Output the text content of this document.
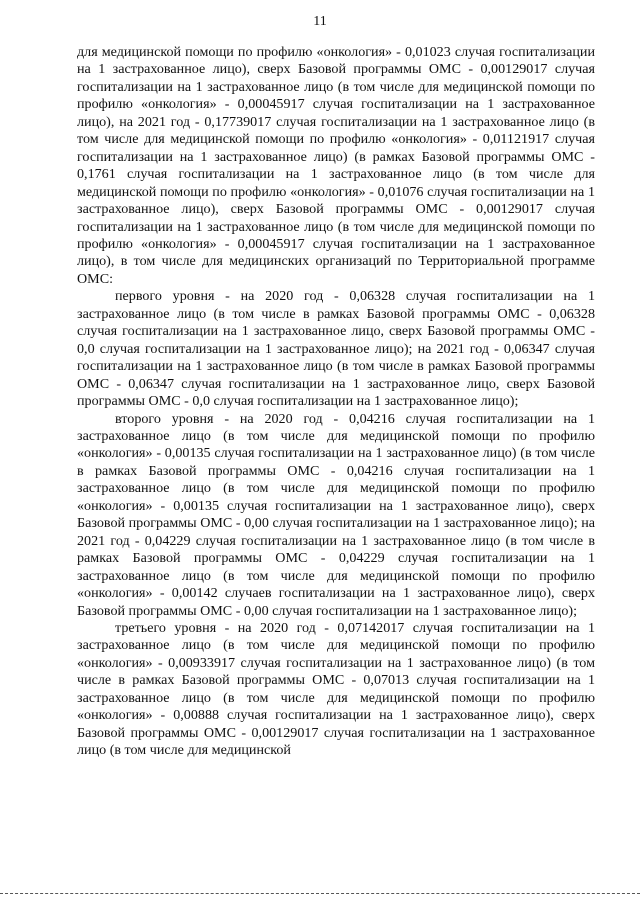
11

для медицинской помощи по профилю «онкология» - 0,01023 случая госпитализации на 1 застрахованное лицо), сверх Базовой программы ОМС - 0,00129017 случая госпитализации на 1 застрахованное лицо (в том числе для медицинской помощи по профилю «онкология» - 0,00045917 случая госпитализации на 1 застрахованное лицо), на 2021 год - 0,17739017 случая госпитализации на 1 застрахованное лицо (в том числе для медицинской помощи по профилю «онкология» - 0,01121917 случая госпитализации на 1 застрахованное лицо) (в рамках Базовой программы ОМС - 0,1761 случая госпитализации на 1 застрахованное лицо (в том числе для медицинской помощи по профилю «онкология» - 0,01076 случая госпитализации на 1 застрахованное лицо), сверх Базовой программы ОМС - 0,00129017 случая госпитализации на 1 застрахованное лицо (в том числе для медицинской помощи по профилю «онкология» - 0,00045917 случая госпитализации на 1 застрахованное лицо), в том числе для медицинских организаций по Территориальной программе ОМС:

первого уровня - на 2020 год - 0,06328 случая госпитализации на 1 застрахованное лицо (в том числе в рамках Базовой программы ОМС - 0,06328 случая госпитализации на 1 застрахованное лицо, сверх Базовой программы ОМС - 0,0 случая госпитализации на 1 застрахованное лицо); на 2021 год - 0,06347 случая госпитализации на 1 застрахованное лицо (в том числе в рамках Базовой программы ОМС - 0,06347 случая госпитализации на 1 застрахованное лицо, сверх Базовой программы ОМС - 0,0 случая госпитализации на 1 застрахованное лицо);

второго уровня - на 2020 год - 0,04216 случая госпитализации на 1 застрахованное лицо (в том числе для медицинской помощи по профилю «онкология» - 0,00135 случая госпитализации на 1 застрахованное лицо) (в том числе в рамках Базовой программы ОМС - 0,04216 случая госпитализации на 1 застрахованное лицо (в том числе для медицинской помощи по профилю «онкология» - 0,00135 случая госпитализации на 1 застрахованное лицо), сверх Базовой программы ОМС - 0,00 случая госпитализации на 1 застрахованное лицо); на 2021 год - 0,04229 случая госпитализации на 1 застрахованное лицо (в том числе в рамках Базовой программы ОМС - 0,04229 случая госпитализации на 1 застрахованное лицо (в том числе для медицинской помощи по профилю «онкология» - 0,00142 случаев госпитализации на 1 застрахованное лицо), сверх Базовой программы ОМС - 0,00 случая госпитализации на 1 застрахованное лицо);

третьего уровня - на 2020 год - 0,07142017 случая госпитализации на 1 застрахованное лицо (в том числе для медицинской помощи по профилю «онкология» - 0,00933917 случая госпитализации на 1 застрахованное лицо) (в том числе в рамках Базовой программы ОМС - 0,07013 случая госпитализации на 1 застрахованное лицо (в том числе для медицинской помощи по профилю «онкология» - 0,00888 случая госпитализации на 1 застрахованное лицо), сверх Базовой программы ОМС - 0,00129017 случая госпитализации на 1 застрахованное лицо (в том числе для медицинской
